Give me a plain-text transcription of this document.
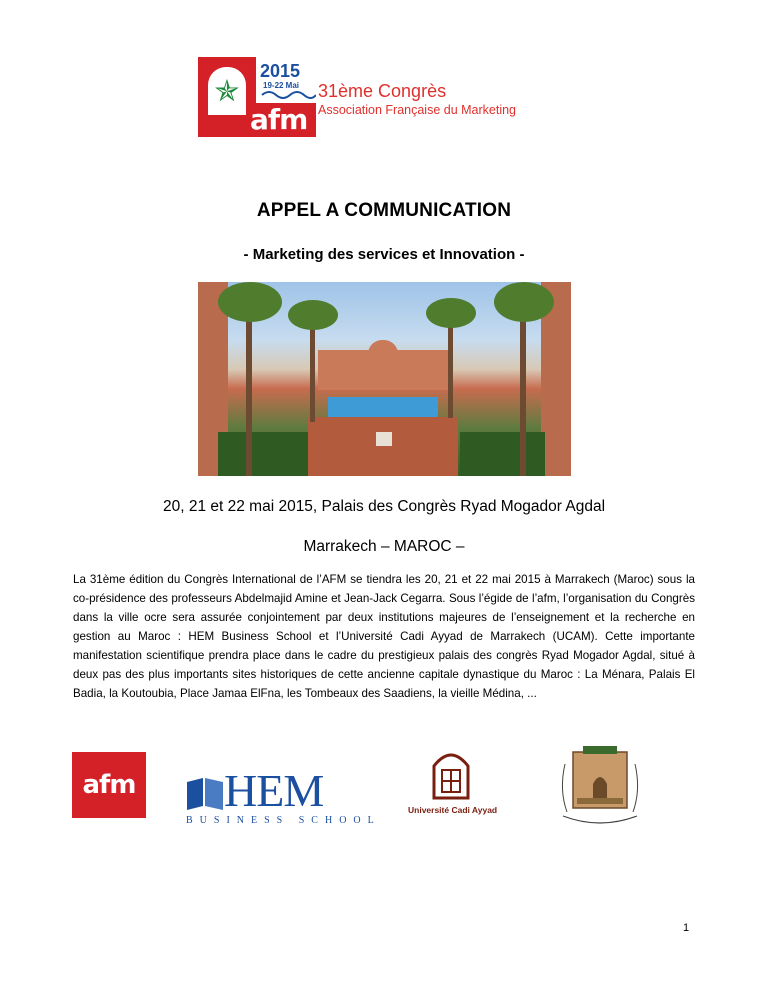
✯
afm
2015
19-22 Mai 31ème Congrès
Association Française du Marketing
APPEL A COMMUNICATION
- Marketing des services et Innovation -
20, 21 et 22 mai 2015, Palais des Congrès Ryad Mogador Agdal
Marrakech – MAROC –
La 31ème édition du Congrès International de l’AFM se tiendra les 20, 21 et 22 mai 2015 à Marrakech (Maroc) sous la co-présidence des professeurs Abdelmajid Amine et Jean-Jack Cegarra. Sous l’égide de l’afm, l’organisation du Congrès dans la ville ocre sera assurée conjointement par deux institutions majeures de l’enseignement et la recherche en gestion au Maroc : HEM Business School et l’Université Cadi Ayyad de Marrakech (UCAM). Cette importante manifestation scientifique prendra place dans le cadre du prestigieux palais des congrès Ryad Mogador Agdal, situé à deux pas des plus importants sites historiques de cette ancienne capitale dynastique du Maroc : La Ménara, Palais El Badia, la Koutoubia, Place Jamaa ElFna, les Tombeaux des Saadiens, la vieille Médina, ...
afm HEM
BUSINESS SCHOOL
Université Cadi Ayyad
1
